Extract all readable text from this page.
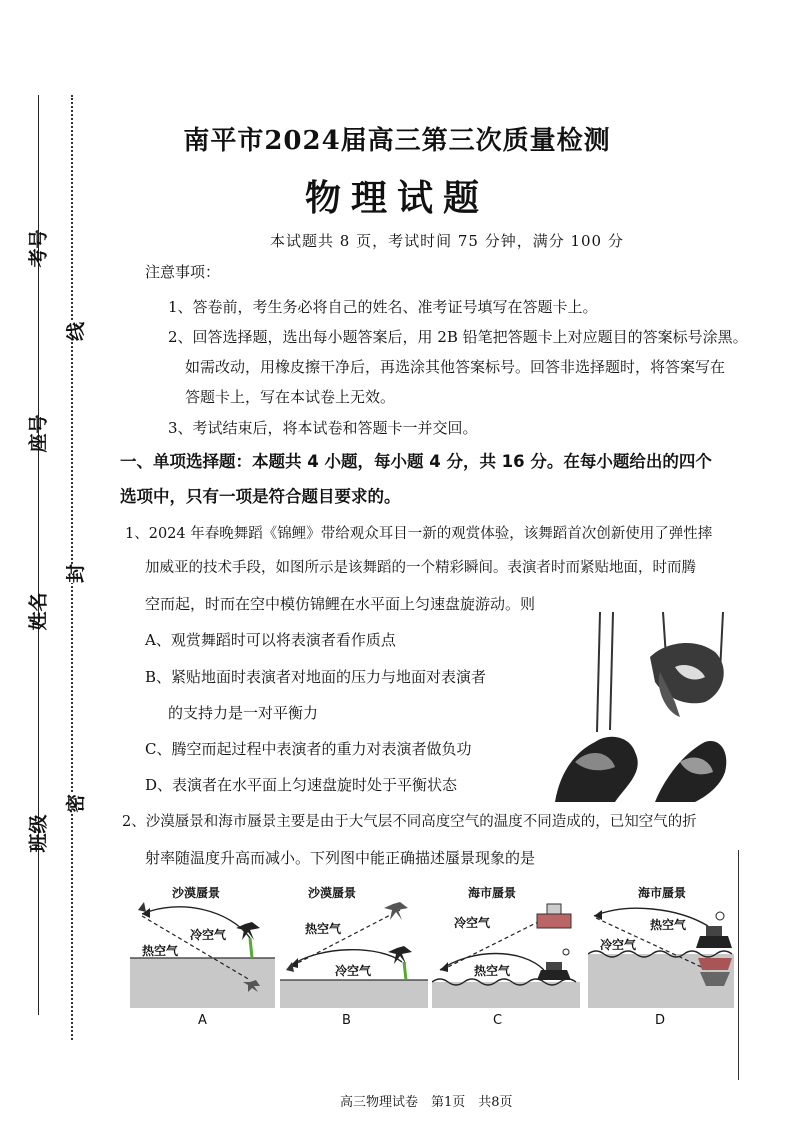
考号
座号
姓名
班级
线
封
密
南平市2024届高三第三次质量检测
物理试题
本试题共 8 页，考试时间 75 分钟，满分 100 分
注意事项：
1、答卷前，考生务必将自己的姓名、准考证号填写在答题卡上。
2、回答选择题，选出每小题答案后，用 2B 铅笔把答题卡上对应题目的答案标号涂黑。
如需改动，用橡皮擦干净后，再选涂其他答案标号。回答非选择题时，将答案写在
答题卡上，写在本试卷上无效。
3、考试结束后，将本试卷和答题卡一并交回。
一、单项选择题：本题共 4 小题，每小题 4 分，共 16 分。在每小题给出的四个
选项中，只有一项是符合题目要求的。
1、2024 年春晚舞蹈《锦鲤》带给观众耳目一新的观赏体验，该舞蹈首次创新使用了弹性摔
加威亚的技术手段，如图所示是该舞蹈的一个精彩瞬间。表演者时而紧贴地面，时而腾
空而起，时而在空中模仿锦鲤在水平面上匀速盘旋游动。则
A、观赏舞蹈时可以将表演者看作质点
B、紧贴地面时表演者对地面的压力与地面对表演者
的支持力是一对平衡力
C、腾空而起过程中表演者的重力对表演者做负功
D、表演者在水平面上匀速盘旋时处于平衡状态
2、沙漠蜃景和海市蜃景主要是由于大气层不同高度空气的温度不同造成的，已知空气的折
射率随温度升高而减小。下列图中能正确描述蜃景现象的是
沙漠蜃景
冷空气
热空气
A
沙漠蜃景
热空气
冷空气
B
海市蜃景
冷空气
热空气
C
海市蜃景
热空气
冷空气
D
高三物理试卷　第1页　共8页
